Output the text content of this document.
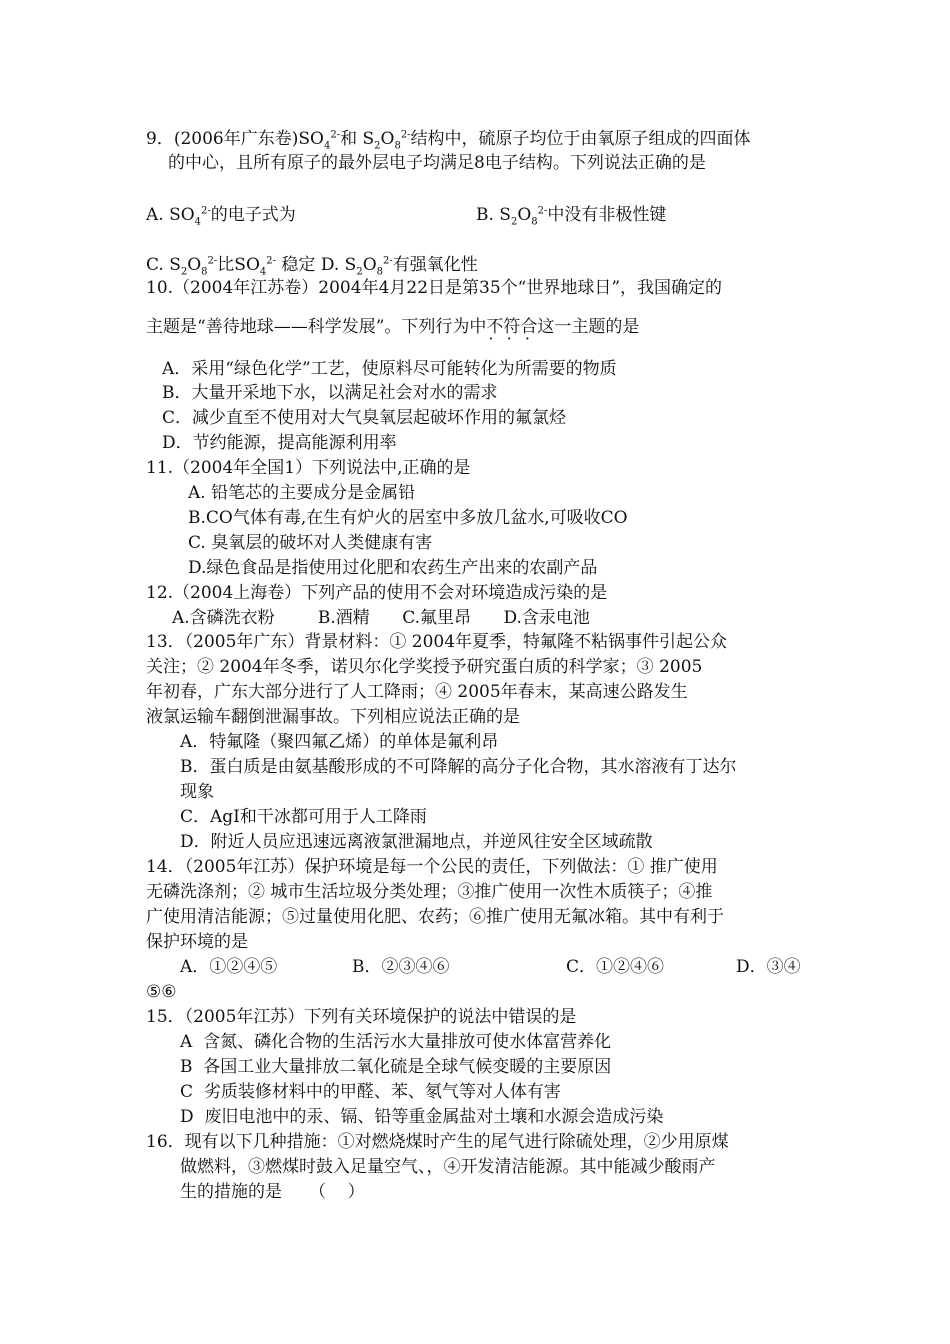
9．(2006年广东卷)$SO_4^{2-}$和 $S_2O_8^{2-}$结构中，硫原子均位于由氧原子组成的四面体
的中心，且所有原子的最外层电子均满足8电子结构。下列说法正确的是
A. $SO_4^{2-}$的电子式为	B. $S_2O_8^{2-}$中没有非极性键
C. $S_2O_8^{2-}$比$SO_4^{2-}$ 稳定 D. $S_2O_8^{2-}$有强氧化性
10.（2004年江苏卷）2004年4月22日是第35个“世界地球日”，我国确定的
主题是“善待地球——科学发展”。下列行为中不符合 ·  ·  ·这一主题的是
A．采用“绿色化学”工艺，使原料尽可能转化为所需要的物质
B．大量开采地下水，以满足社会对水的需求
C．减少直至不使用对大气臭氧层起破坏作用的氟氯烃
D．节约能源，提高能源利用率
11.（2004年全国1）下列说法中,正确的是
A. 铅笔芯的主要成分是金属铅
B.CO气体有毒,在生有炉火的居室中多放几盆水,可吸收CO
C. 臭氧层的破坏对人类健康有害
D.绿色食品是指使用过化肥和农药生产出来的农副产品
12.（2004上海卷）下列产品的使用不会对环境造成污染的是
A.含磷洗衣粉        B.酒精      C.氟里昂      D.含汞电池
13．（2005年广东）背景材料：① 2004年夏季，特氟隆不粘锅事件引起公众
关注；② 2004年冬季，诺贝尔化学奖授予研究蛋白质的科学家；③ 2005
年初春，广东大部分进行了人工降雨；④ 2005年春末，某高速公路发生
液氯运输车翻倒泄漏事故。下列相应说法正确的是
A．特氟隆（聚四氟乙烯）的单体是氟利昂
B．蛋白质是由氨基酸形成的不可降解的高分子化合物，其水溶液有丁达尔
现象
C．AgI和干冰都可用于人工降雨
D．附近人员应迅速远离液氯泄漏地点，并逆风往安全区域疏散
14．（2005年江苏）保护环境是每一个公民的责任，下列做法：① 推广使用
无磷洗涤剂；② 城市生活垃圾分类处理；③推广使用一次性木质筷子；④推
广使用清洁能源；⑤过量使用化肥、农药；⑥推广使用无氟冰箱。其中有利于
保护环境的是
A．①②④⑤	B．②③④⑥	C．①②④⑥	D．③④
⑤⑥
15．（2005年江苏）下列有关环境保护的说法中错误的是
A  含氮、磷化合物的生活污水大量排放可使水体富营养化
B  各国工业大量排放二氧化硫是全球气候变暖的主要原因
C  劣质装修材料中的甲醛、苯、氡气等对人体有害
D  废旧电池中的汞、镉、铅等重金属盐对土壤和水源会造成污染
16．现有以下几种措施：①对燃烧煤时产生的尾气进行除硫处理，②少用原煤
做燃料，③燃煤时鼓入足量空气、，④开发清洁能源。其中能减少酸雨产
生的措施的是     （    ）
